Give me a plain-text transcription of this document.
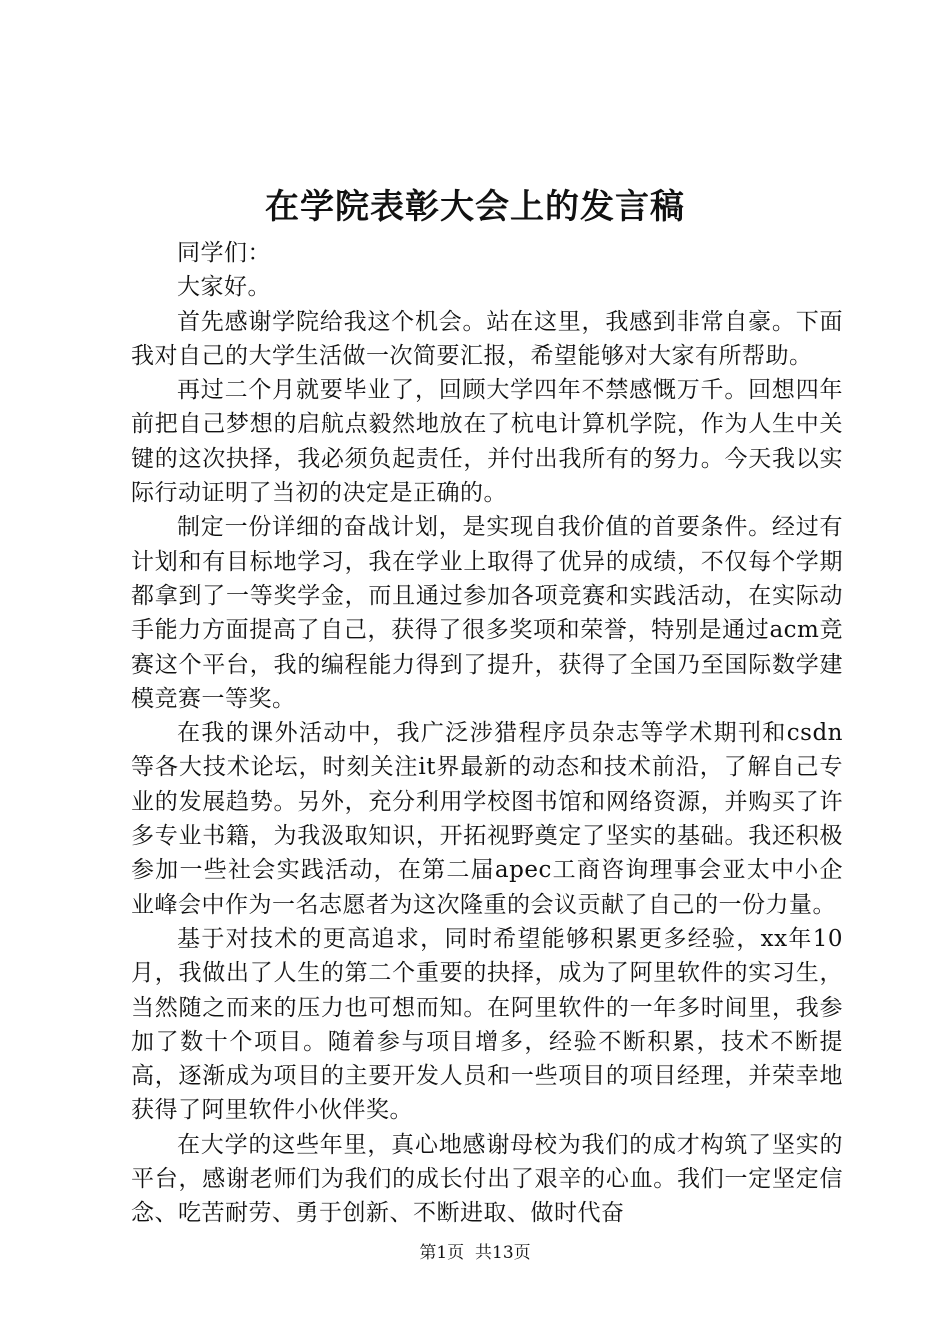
在学院表彰大会上的发言稿

同学们：

大家好。

首先感谢学院给我这个机会。站在这里，我感到非常自豪。下面我对自己的大学生活做一次简要汇报，希望能够对大家有所帮助。

再过二个月就要毕业了，回顾大学四年不禁感慨万千。回想四年前把自己梦想的启航点毅然地放在了杭电计算机学院，作为人生中关键的这次抉择，我必须负起责任，并付出我所有的努力。今天我以实际行动证明了当初的决定是正确的。

制定一份详细的奋战计划，是实现自我价值的首要条件。经过有计划和有目标地学习，我在学业上取得了优异的成绩，不仅每个学期都拿到了一等奖学金，而且通过参加各项竞赛和实践活动，在实际动手能力方面提高了自己，获得了很多奖项和荣誉，特别是通过acm竞赛这个平台，我的编程能力得到了提升，获得了全国乃至国际数学建模竞赛一等奖。

在我的课外活动中，我广泛涉猎程序员杂志等学术期刊和csdn等各大技术论坛，时刻关注it界最新的动态和技术前沿，了解自己专业的发展趋势。另外，充分利用学校图书馆和网络资源，并购买了许多专业书籍，为我汲取知识，开拓视野奠定了坚实的基础。我还积极参加一些社会实践活动，在第二届apec工商咨询理事会亚太中小企业峰会中作为一名志愿者为这次隆重的会议贡献了自己的一份力量。

基于对技术的更高追求，同时希望能够积累更多经验，xx年10月，我做出了人生的第二个重要的抉择，成为了阿里软件的实习生，当然随之而来的压力也可想而知。在阿里软件的一年多时间里，我参加了数十个项目。随着参与项目增多，经验不断积累，技术不断提高，逐渐成为项目的主要开发人员和一些项目的项目经理，并荣幸地获得了阿里软件小伙伴奖。

在大学的这些年里，真心地感谢母校为我们的成才构筑了坚实的平台，感谢老师们为我们的成长付出了艰辛的心血。我们一定坚定信念、吃苦耐劳、勇于创新、不断进取、做时代奋

第1页 共13页
